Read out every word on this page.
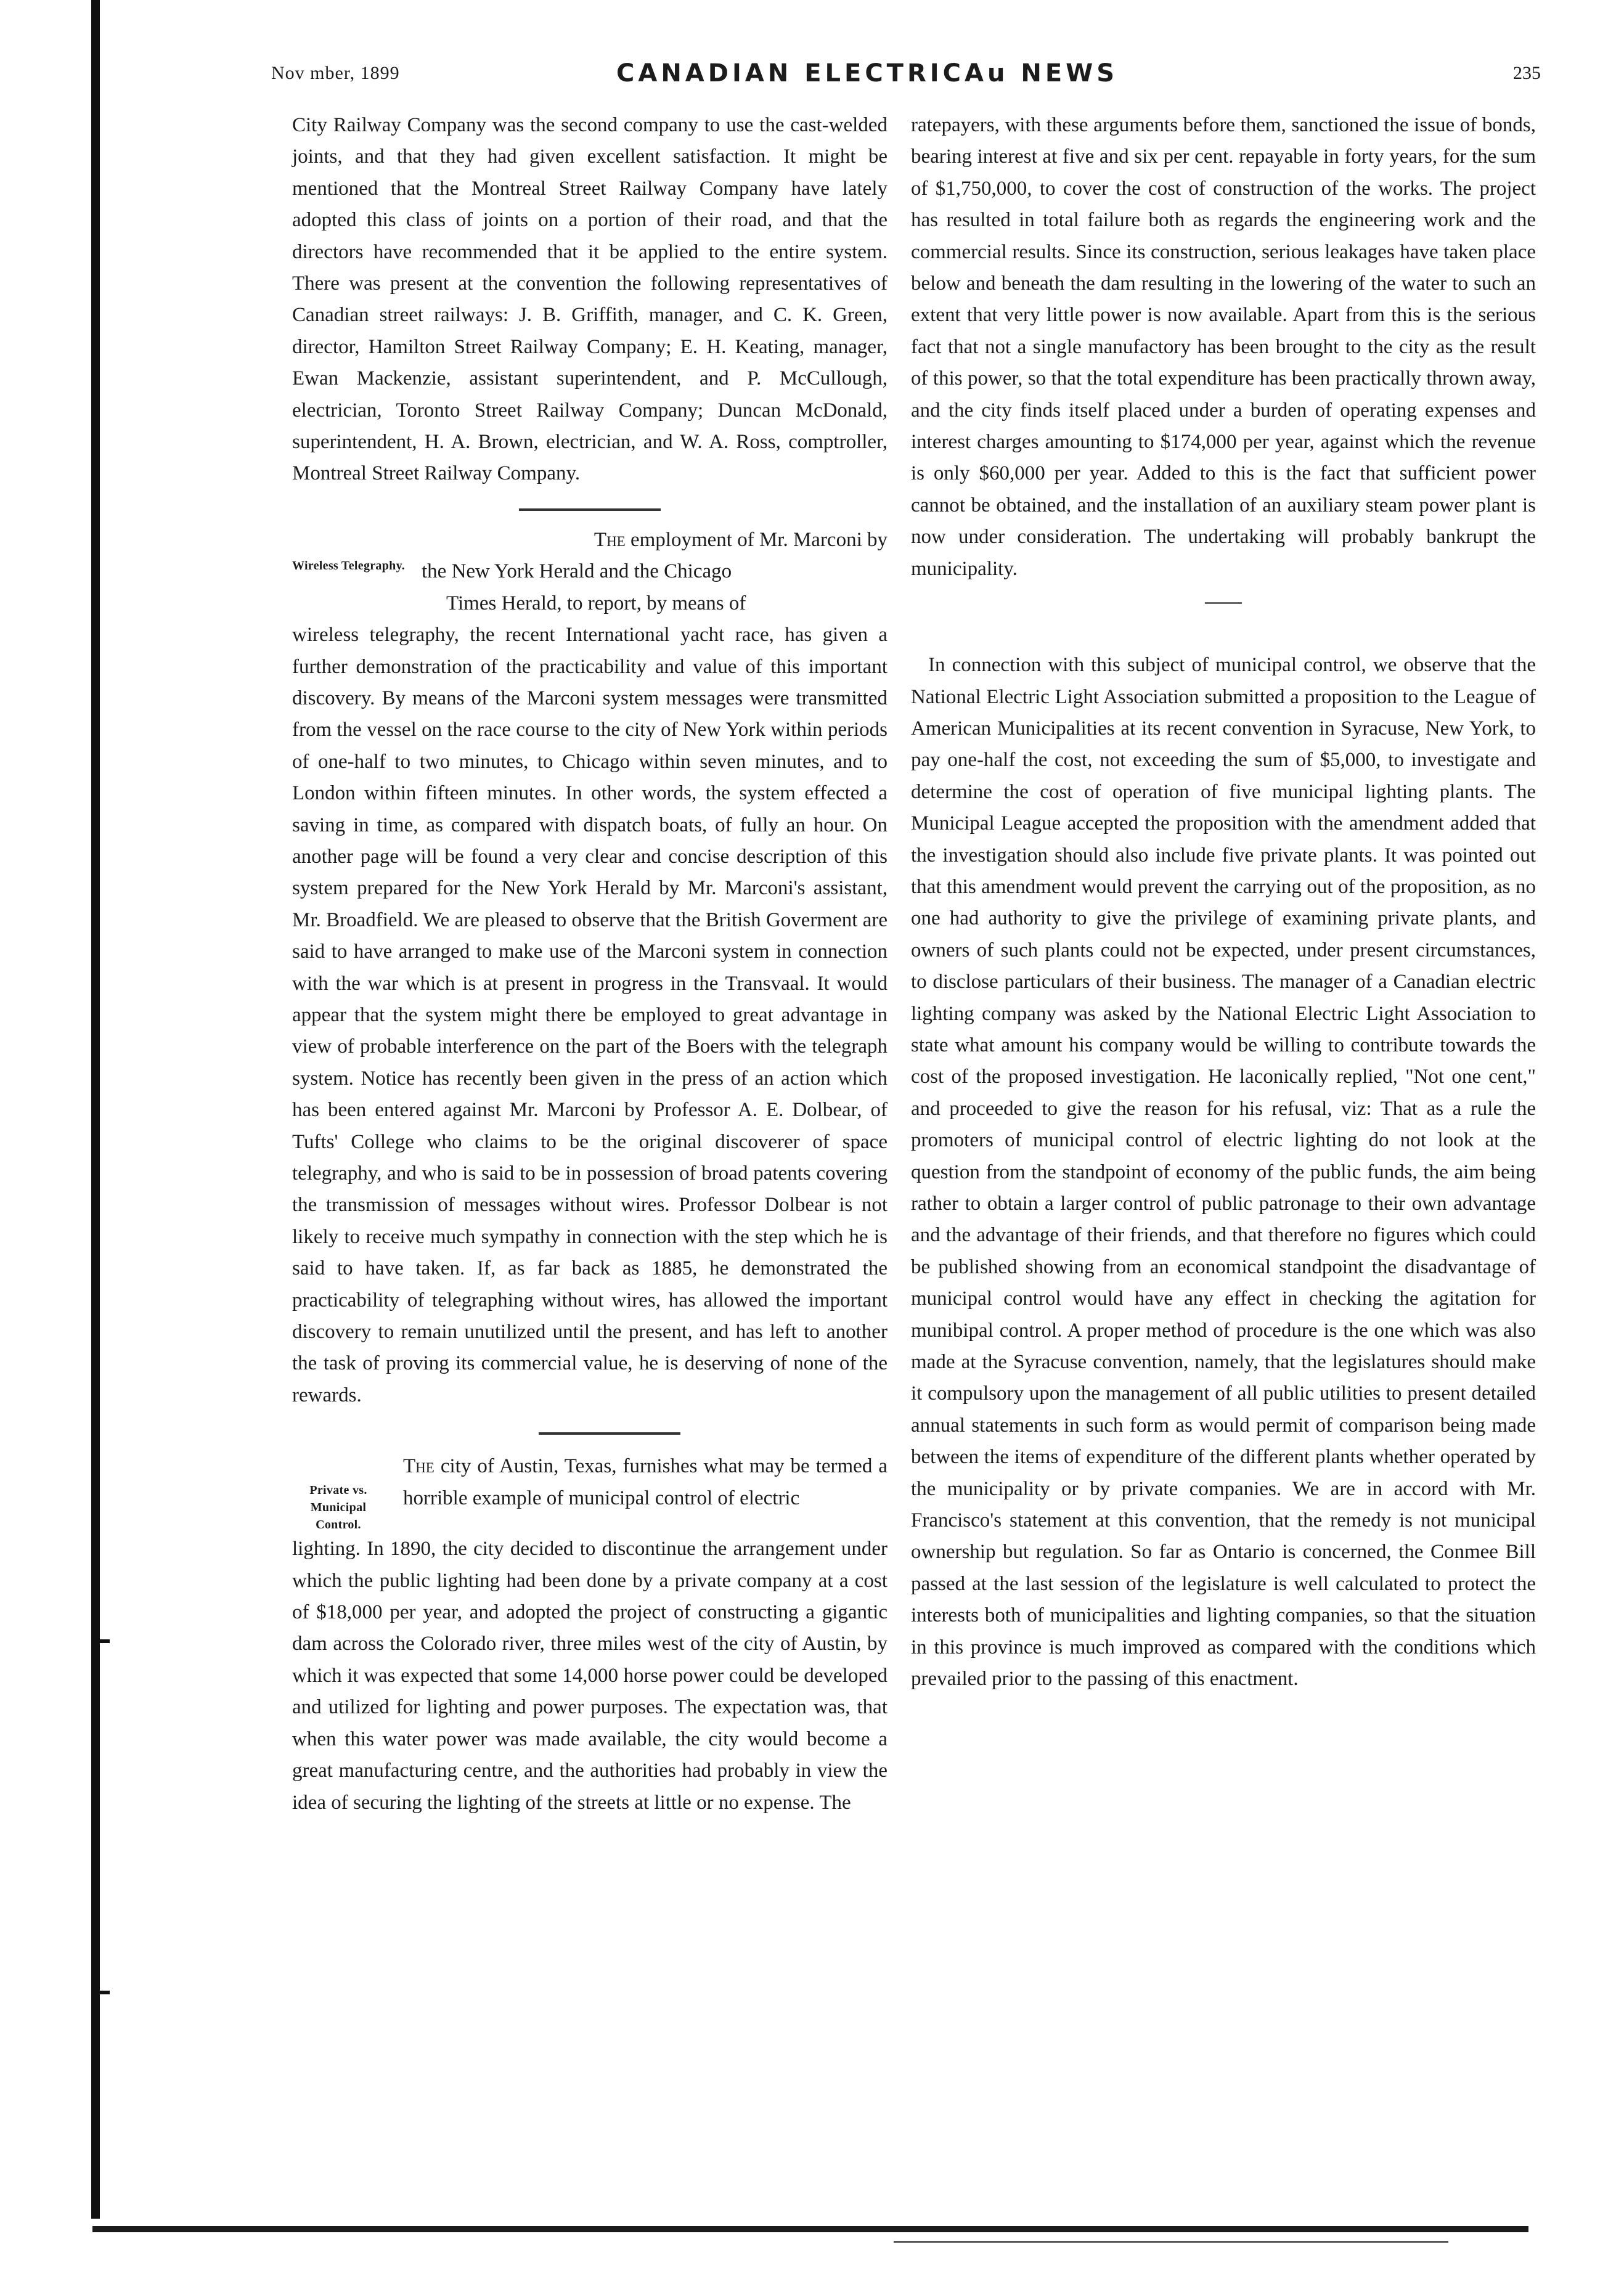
Nov mber, 1899	CANADIAN ELECTRICAu NEWS	235

City Railway Company was the second company to use the cast-welded joints, and that they had given excellent satisfaction. It might be mentioned that the Montreal Street Railway Company have lately adopted this class of joints on a portion of their road, and that the directors have recommended that it be applied to the entire system. There was present at the convention the following representatives of Canadian street railways: J. B. Griffith, manager, and C. K. Green, director, Hamilton Street Railway Company; E. H. Keating, manager, Ewan Mackenzie, assistant superintendent, and P. McCullough, electrician, Toronto Street Railway Company; Duncan McDonald, superintendent, H. A. Brown, electrician, and W. A. Ross, comptroller, Montreal Street Railway Company.

The employment of Mr. Marconi by

Wireless Telegraphy. the New York Herald and the Chicago

Times Herald, to report, by means of

wireless telegraphy, the recent International yacht race, has given a further demonstration of the practicability and value of this important discovery. By means of the Marconi system messages were transmitted from the vessel on the race course to the city of New York within periods of one-half to two minutes, to Chicago within seven minutes, and to London within fifteen minutes. In other words, the system effected a saving in time, as compared with dispatch boats, of fully an hour. On another page will be found a very clear and concise description of this system prepared for the New York Herald by Mr. Marconi's assistant, Mr. Broadfield. We are pleased to observe that the British Goverment are said to have arranged to make use of the Marconi system in connection with the war which is at present in progress in the Transvaal. It would appear that the system might there be employed to great advantage in view of probable interference on the part of the Boers with the telegraph system. Notice has recently been given in the press of an action which has been entered against Mr. Marconi by Professor A. E. Dolbear, of Tufts' College who claims to be the original discoverer of space telegraphy, and who is said to be in possession of broad patents covering the transmission of messages without wires. Professor Dolbear is not likely to receive much sympathy in connection with the step which he is said to have taken. If, as far back as 1885, he demonstrated the practicability of telegraphing without wires, has allowed the important discovery to remain unutilized until the present, and has left to another the task of proving its commercial value, he is deserving of none of the rewards.

Private vs. Municipal Control.
The city of Austin, Texas, furnishes what may be termed a horrible example of municipal control of electric

lighting. In 1890, the city decided to discontinue the arrangement under which the public lighting had been done by a private company at a cost of $18,000 per year, and adopted the project of constructing a gigantic dam across the Colorado river, three miles west of the city of Austin, by which it was expected that some 14,000 horse power could be developed and utilized for lighting and power purposes. The expectation was, that when this water power was made available, the city would become a great manufacturing centre, and the authorities had probably in view the idea of securing the lighting of the streets at little or no expense. The

ratepayers, with these arguments before them, sanctioned the issue of bonds, bearing interest at five and six per cent. repayable in forty years, for the sum of $1,750,000, to cover the cost of construction of the works. The project has resulted in total failure both as regards the engineering work and the commercial results. Since its construction, serious leakages have taken place below and beneath the dam resulting in the lowering of the water to such an extent that very little power is now available. Apart from this is the serious fact that not a single manufactory has been brought to the city as the result of this power, so that the total expenditure has been practically thrown away, and the city finds itself placed under a burden of operating expenses and interest charges amounting to $174,000 per year, against which the revenue is only $60,000 per year. Added to this is the fact that sufficient power cannot be obtained, and the installation of an auxiliary steam power plant is now under consideration. The undertaking will probably bankrupt the municipality.

In connection with this subject of municipal control, we observe that the National Electric Light Association submitted a proposition to the League of American Municipalities at its recent convention in Syracuse, New York, to pay one-half the cost, not exceeding the sum of $5,000, to investigate and determine the cost of operation of five municipal lighting plants. The Municipal League accepted the proposition with the amendment added that the investigation should also include five private plants. It was pointed out that this amendment would prevent the carrying out of the proposition, as no one had authority to give the privilege of examining private plants, and owners of such plants could not be expected, under present circumstances, to disclose particulars of their business. The manager of a Canadian electric lighting company was asked by the National Electric Light Association to state what amount his company would be willing to contribute towards the cost of the proposed investigation. He laconically replied, "Not one cent," and proceeded to give the reason for his refusal, viz: That as a rule the promoters of municipal control of electric lighting do not look at the question from the standpoint of economy of the public funds, the aim being rather to obtain a larger control of public patronage to their own advantage and the advantage of their friends, and that therefore no figures which could be published showing from an economical standpoint the disadvantage of municipal control would have any effect in checking the agitation for munibipal control. A proper method of procedure is the one which was also made at the Syracuse convention, namely, that the legislatures should make it compulsory upon the management of all public utilities to present detailed annual statements in such form as would permit of comparison being made between the items of expenditure of the different plants whether operated by the municipality or by private companies. We are in accord with Mr. Francisco's statement at this convention, that the remedy is not municipal ownership but regulation. So far as Ontario is concerned, the Conmee Bill passed at the last session of the legislature is well calculated to protect the interests both of municipalities and lighting companies, so that the situation in this province is much improved as compared with the conditions which prevailed prior to the passing of this enactment.
